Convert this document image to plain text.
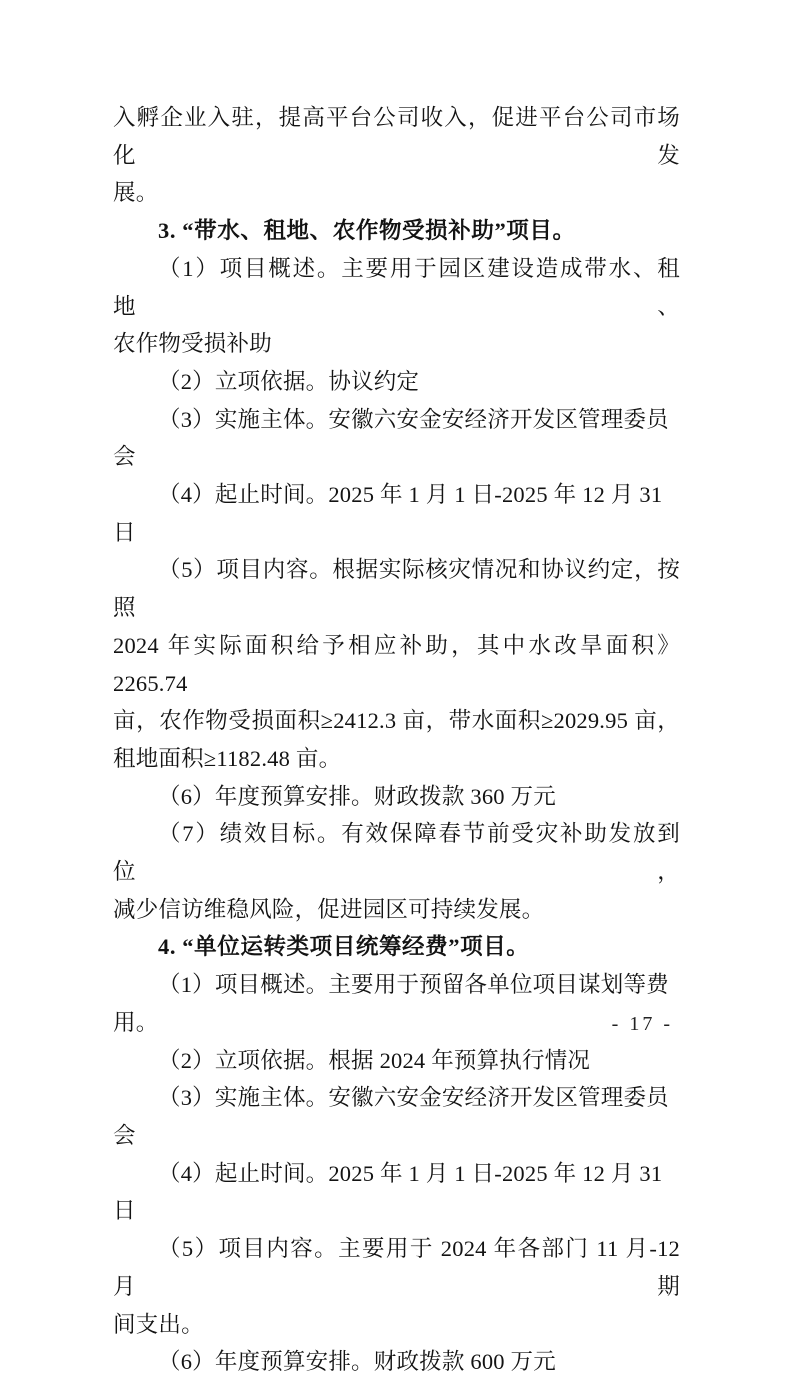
入孵企业入驻，提高平台公司收入，促进平台公司市场化发
展。
3. “带水、租地、农作物受损补助”项目。
（1）项目概述。主要用于园区建设造成带水、租地、
农作物受损补助
（2）立项依据。协议约定
（3）实施主体。安徽六安金安经济开发区管理委员会
（4）起止时间。2025 年 1 月 1 日-2025 年 12 月 31 日
（5）项目内容。根据实际核灾情况和协议约定，按照
2024 年实际面积给予相应补助，其中水改旱面积》2265.74
亩，农作物受损面积≥2412.3 亩，带水面积≥2029.95 亩，
租地面积≥1182.48 亩。
（6）年度预算安排。财政拨款 360 万元
（7）绩效目标。有效保障春节前受灾补助发放到位，
减少信访维稳风险，促进园区可持续发展。
4. “单位运转类项目统筹经费”项目。
（1）项目概述。主要用于预留各单位项目谋划等费用。
（2）立项依据。根据 2024 年预算执行情况
（3）实施主体。安徽六安金安经济开发区管理委员会
（4）起止时间。2025 年 1 月 1 日-2025 年 12 月 31 日
（5）项目内容。主要用于 2024 年各部门 11 月-12 月期
间支出。
（6）年度预算安排。财政拨款 600 万元
- 17 -
